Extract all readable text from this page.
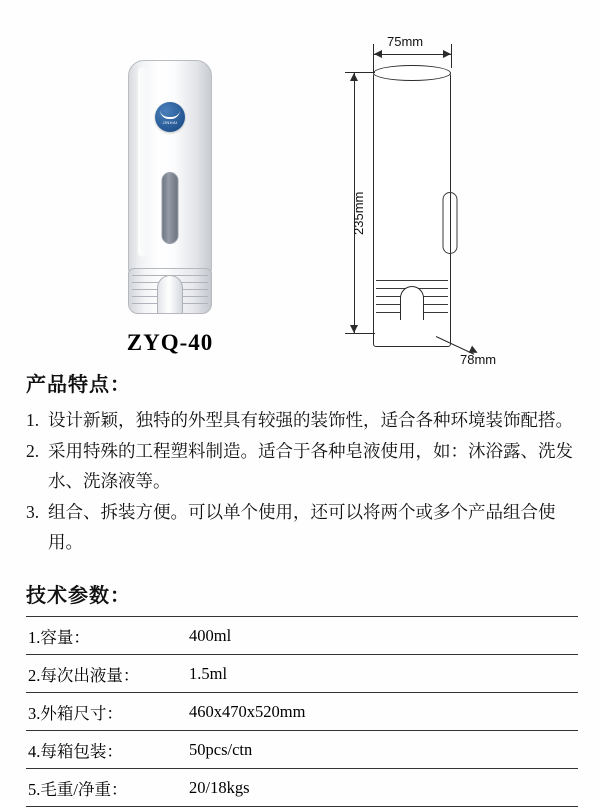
JINHAI
ZYQ-40
75mm
235mm
78mm
产品特点：
1. 设计新颖，独特的外型具有较强的装饰性，适合各种环境装饰配搭。
2. 采用特殊的工程塑料制造。适合于各种皂液使用，如：沐浴露、洗发水、洗涤液等。
3. 组合、拆装方便。可以单个使用，还可以将两个或多个产品组合使用。
技术参数：
1.容量：	400ml
2.每次出液量：	1.5ml
3.外箱尺寸：	460x470x520mm
4.每箱包装：	50pcs/ctn
5.毛重/净重：	20/18kgs
